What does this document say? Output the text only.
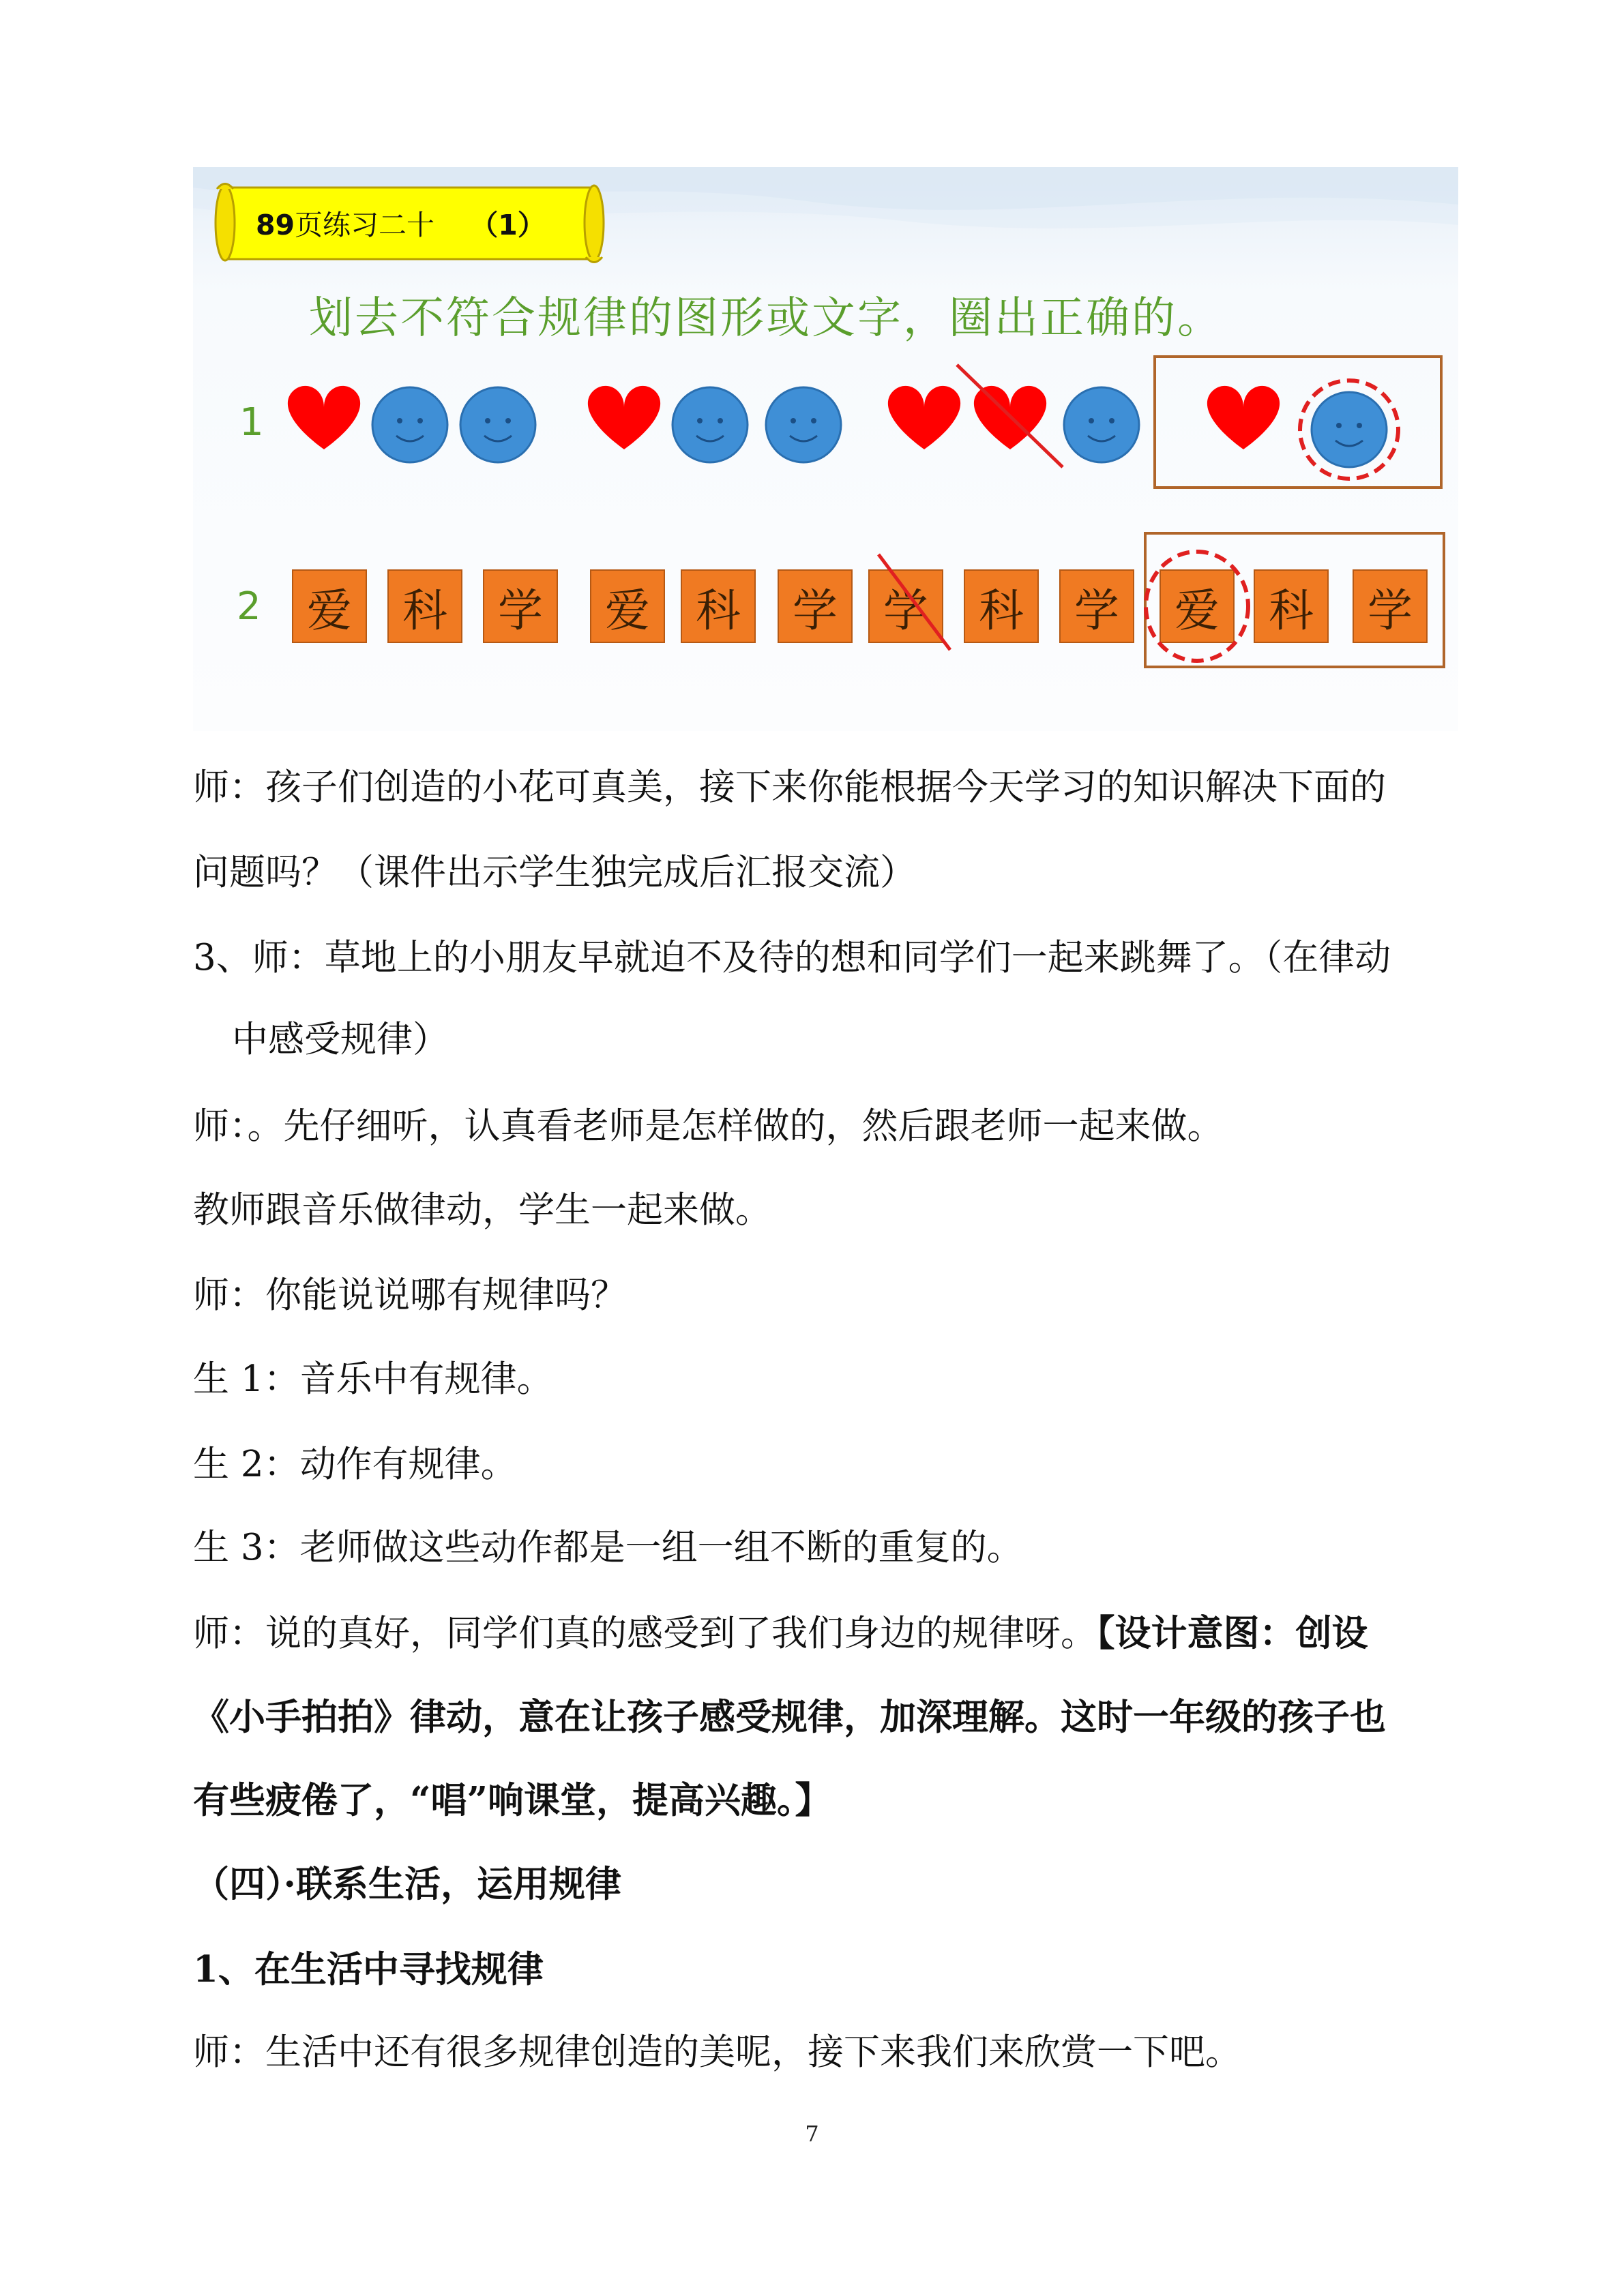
89页练习二十 （1）
划去不符合规律的图形或文字，圈出正确的。
1
2	爱	科	学	爱	科	学	学	科	学	爱	科	学
师：孩子们创造的小花可真美，接下来你能根据今天学习的知识解决下面的
问题吗？（课件出示学生独完成后汇报交流）
3、师：草地上的小朋友早就迫不及待的想和同学们一起来跳舞了。（在律动
中感受规律）
师：。先仔细听，认真看老师是怎样做的，然后跟老师一起来做。
教师跟音乐做律动，学生一起来做。
师：你能说说哪有规律吗？
生 1：音乐中有规律。
生 2：动作有规律。
生 3：老师做这些动作都是一组一组不断的重复的。
师：说的真好，同学们真的感受到了我们身边的规律呀。【设计意图：创设
《小手拍拍》律动，意在让孩子感受规律，加深理解。这时一年级的孩子也
有些疲倦了，“唱”响课堂，提高兴趣。】
（四）·联系生活，运用规律
1、在生活中寻找规律
师：生活中还有很多规律创造的美呢，接下来我们来欣赏一下吧。
7
